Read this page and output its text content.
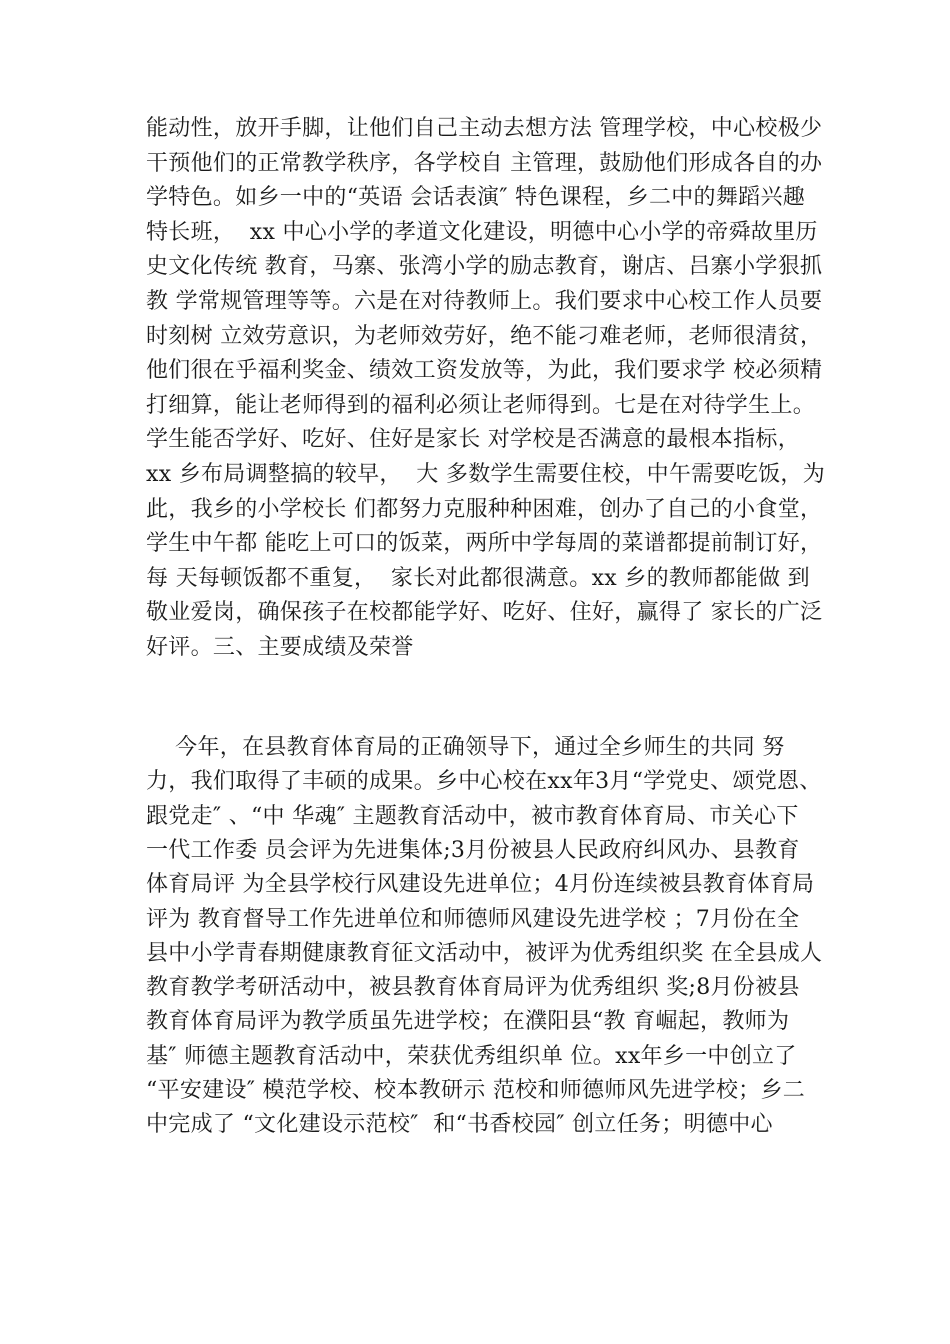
能动性，放开手脚，让他们自己主动去想方法 管理学校，中心校极少
干预他们的正常教学秩序，各学校自 主管理，鼓励他们形成各自的办
学特色。如乡一中的“英语 会话表演″ 特色课程，乡二中的舞蹈兴趣
特长班，  xx 中心小学的孝道文化建设，明德中心小学的帝舜故里历
史文化传统 教育，马寨、张湾小学的励志教育，谢店、吕寨小学狠抓
教 学常规管理等等。六是在对待教师上。我们要求中心校工作人员要
时刻树 立效劳意识，为老师效劳好，绝不能刁难老师，老师很清贫，
他们很在乎福利奖金、绩效工资发放等，为此，我们要求学 校必须精
打细算，能让老师得到的福利必须让老师得到。七是在对待学生上。
学生能否学好、吃好、住好是家长 对学校是否满意的最根本指标，
xx 乡布局调整搞的较早，  大 多数学生需要住校，中午需要吃饭，为
此，我乡的小学校长 们都努力克服种种困难，创办了自己的小食堂，
学生中午都 能吃上可口的饭菜，两所中学每周的菜谱都提前制订好，
每 天每顿饭都不重复，  家长对此都很满意。xx 乡的教师都能做 到
敬业爱岗，确保孩子在校都能学好、吃好、住好，赢得了 家长的广泛
好评。三、主要成绩及荣誉
今年，在县教育体育局的正确领导下，通过全乡师生的共同 努
力，我们取得了丰硕的成果。乡中心校在xx年3月“学党史、颂党恩、
跟党走″ 、“中 华魂″ 主题教育活动中，被市教育体育局、市关心下
一代工作委 员会评为先进集体;3月份被县人民政府纠风办、县教育
体育局评 为全县学校行风建设先进单位；4月份连续被县教育体育局
评为 教育督导工作先进单位和师德师风建设先进学校 ；7月份在全
县中小学青春期健康教育征文活动中，被评为优秀组织奖 在全县成人
教育教学考研活动中，被县教育体育局评为优秀组织 奖;8月份被县
教育体育局评为教学质虽先进学校；在濮阳县“教 育崛起，教师为
基″ 师德主题教育活动中，荣获优秀组织单 位。xx年乡一中创立了
“平安建设″ 模范学校、校本教研示 范校和师德师风先进学校；乡二
中完成了 “文化建设示范校″  和“书香校园″ 创立任务；明德中心
